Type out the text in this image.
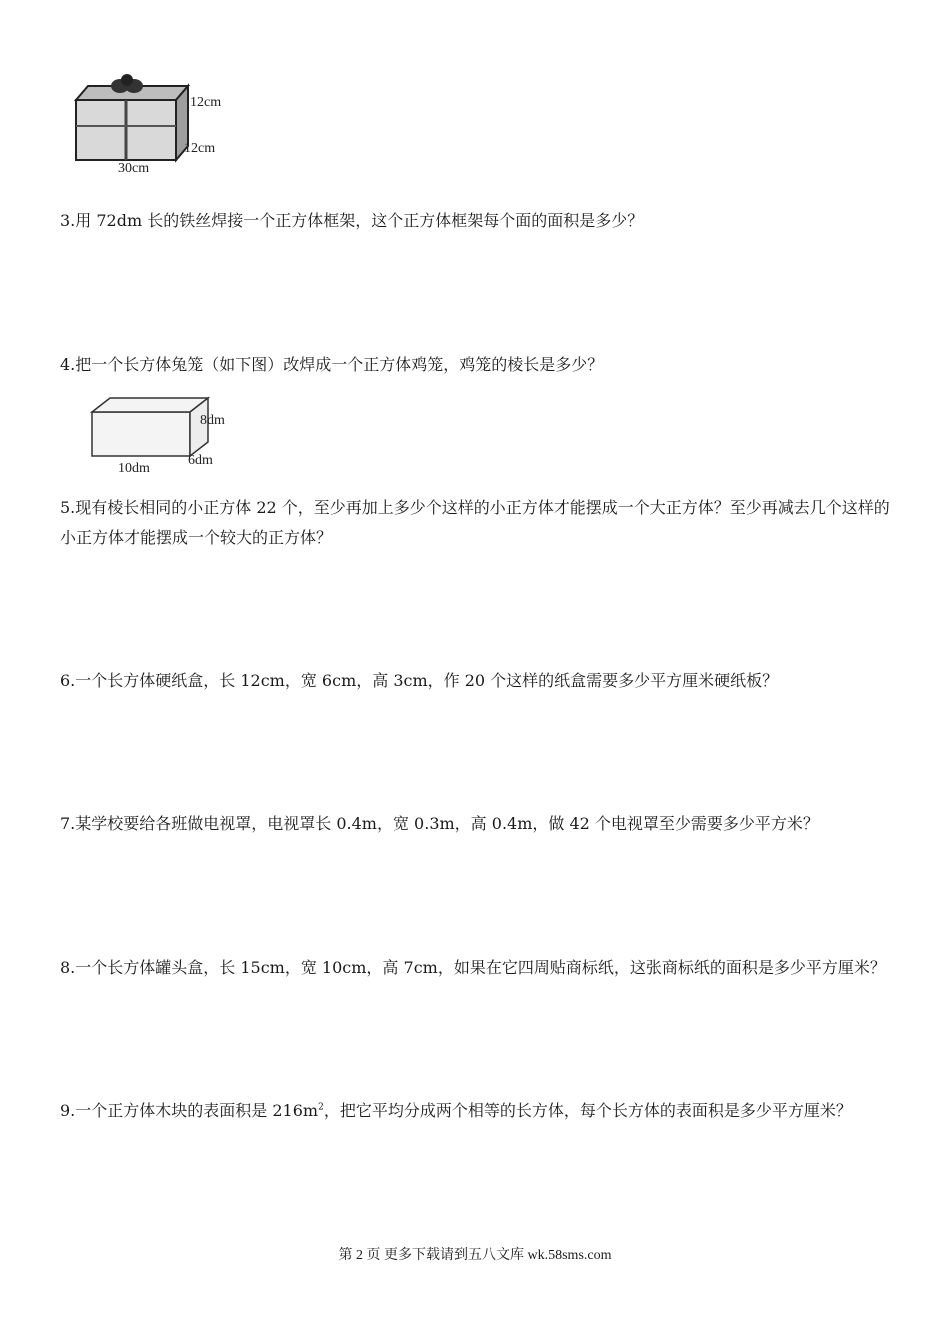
12cm
12cm
30cm

3.用 72dm 长的铁丝焊接一个正方体框架，这个正方体框架每个面的面积是多少？

4.把一个长方体兔笼（如下图）改焊成一个正方体鸡笼，鸡笼的棱长是多少？

8dm
6dm
10dm

5.现有棱长相同的小正方体 22 个，至少再加上多少个这样的小正方体才能摆成一个大正方体？至少再减去几个这样的小正方体才能摆成一个较大的正方体？

6.一个长方体硬纸盒，长 12cm，宽 6cm，高 3cm，作 20 个这样的纸盒需要多少平方厘米硬纸板？

7.某学校要给各班做电视罩，电视罩长 0.4m，宽 0.3m，高 0.4m，做 42 个电视罩至少需要多少平方米？

8.一个长方体罐头盒，长 15cm，宽 10cm，高 7cm，如果在它四周贴商标纸，这张商标纸的面积是多少平方厘米？

9.一个正方体木块的表面积是 $216m^2$，把它平均分成两个相等的长方体，每个长方体的表面积是多少平方厘米？

第 2 页 更多下载请到五八文库 wk.58sms.com
